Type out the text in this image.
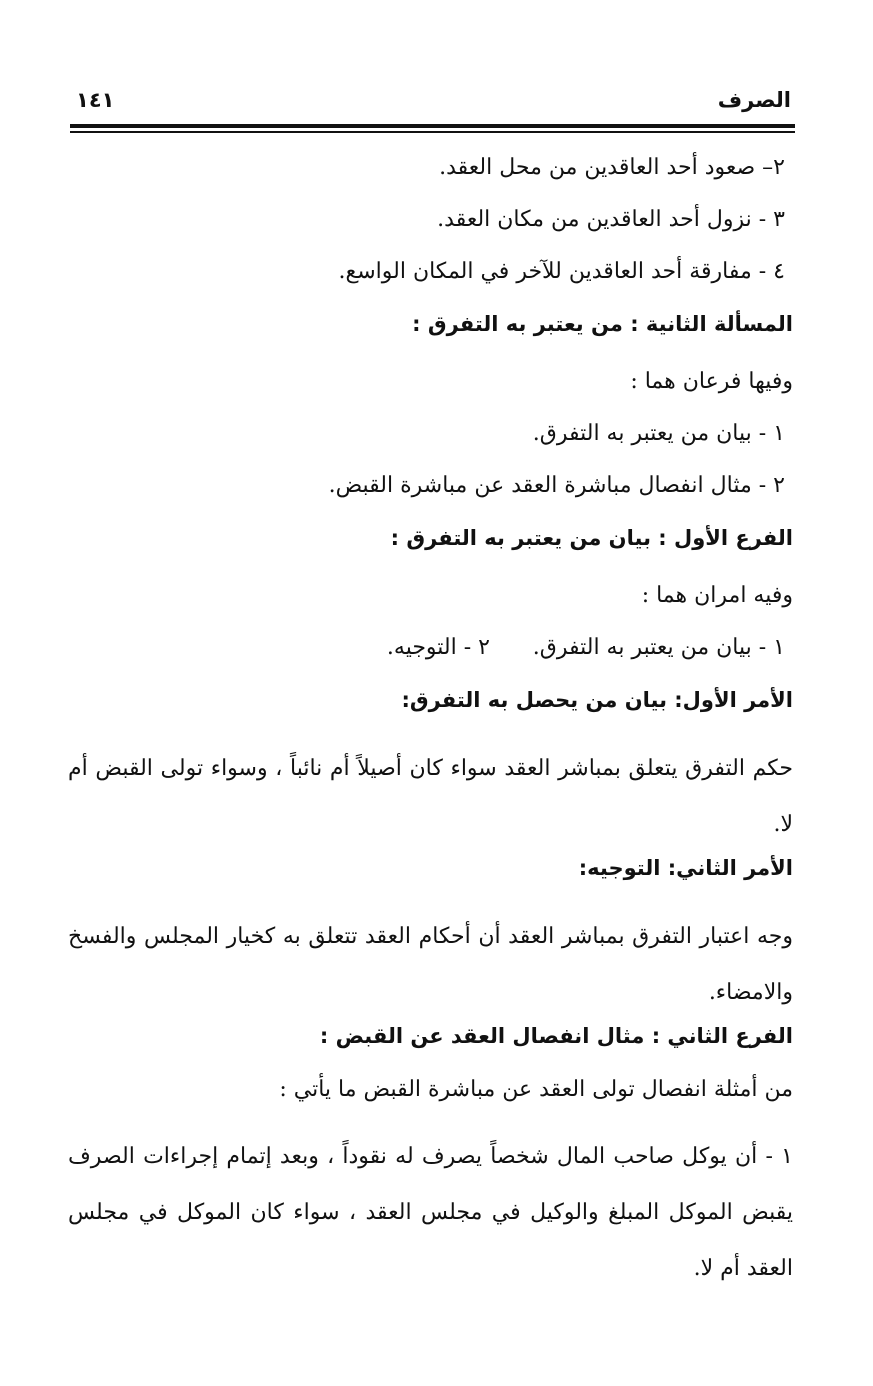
الصرف
١٤١
٢– صعود أحد العاقدين من محل العقد.
٣ - نزول أحد العاقدين من مكان العقد.
٤ - مفارقة أحد العاقدين للآخر في المكان الواسع.
المسألة الثانية : من يعتبر به التفرق :
وفيها فرعان هما :
١ - بيان من يعتبر به التفرق.
٢ - مثال انفصال مباشرة العقد عن مباشرة القبض.
الفرع الأول : بيان من يعتبر به التفرق :
وفيه امران هما :
١ - بيان من يعتبر به التفرق.
٢ - التوجيه.
الأمر الأول: بيان من يحصل به التفرق:
حكم التفرق يتعلق بمباشر العقد سواء كان أصيلاً أم نائباً ، وسواء تولى القبض أم لا.
الأمر الثاني: التوجيه:
وجه اعتبار التفرق بمباشر العقد أن أحكام العقد تتعلق به كخيار المجلس والفسخ والامضاء.
الفرع الثاني : مثال انفصال العقد عن القبض :
من أمثلة انفصال تولى العقد عن مباشرة القبض ما يأتي :
١ - أن يوكل صاحب المال شخصاً يصرف له نقوداً ، وبعد إتمام إجراءات الصرف يقبض الموكل المبلغ والوكيل في مجلس العقد ، سواء كان الموكل في مجلس العقد أم لا.
